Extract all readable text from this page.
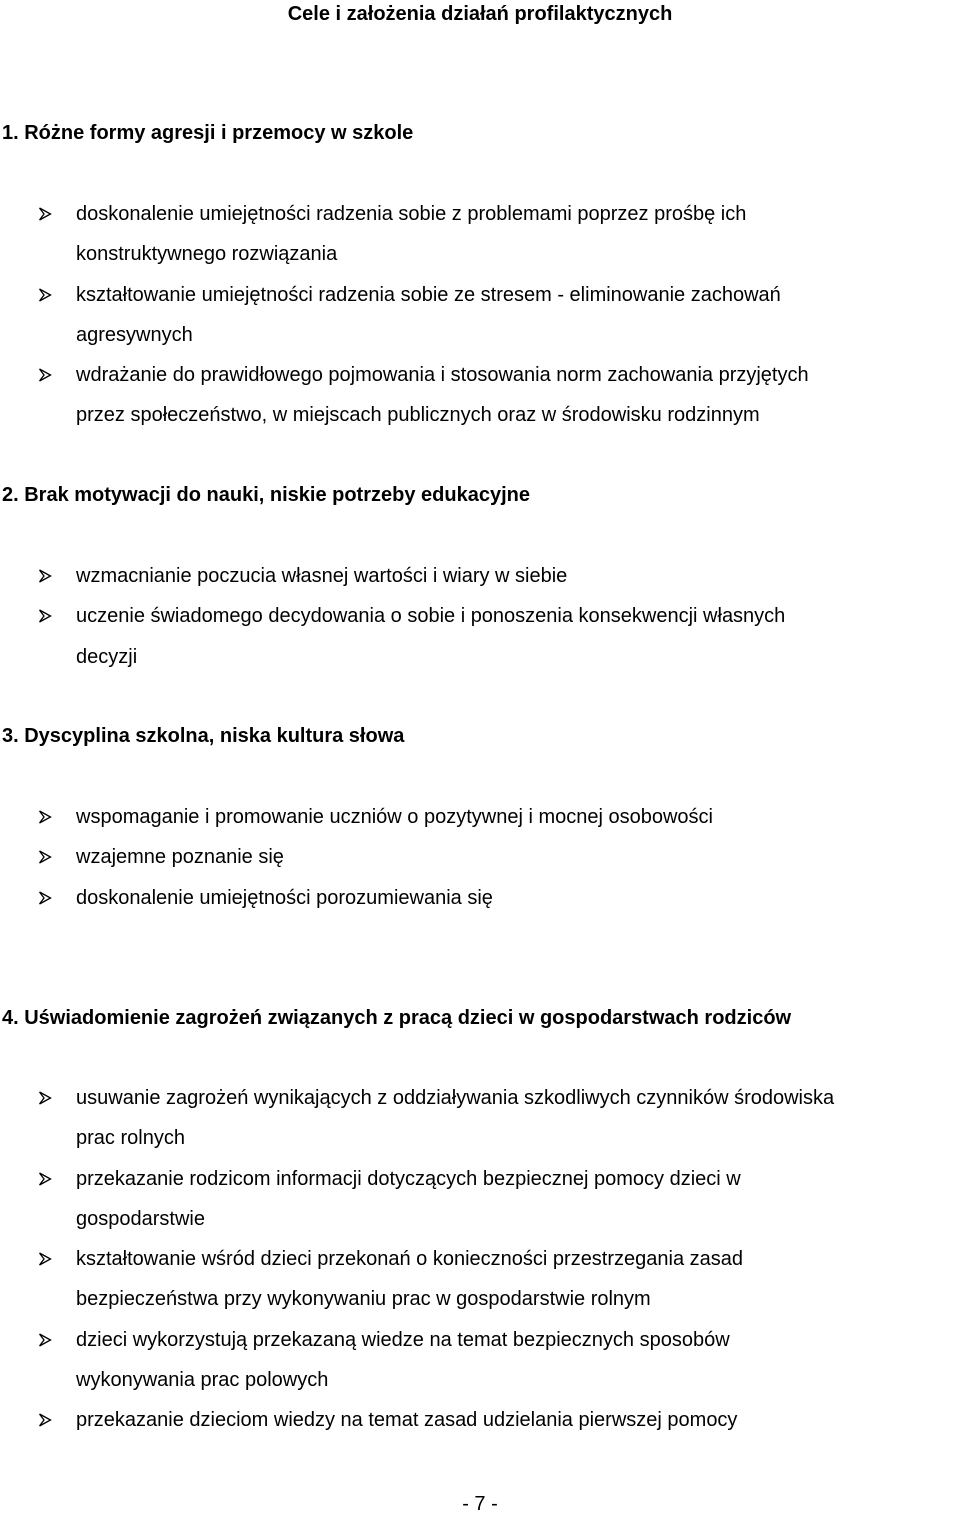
Cele i założenia działań profilaktycznych
1. Różne formy agresji i przemocy w szkole
doskonalenie umiejętności radzenia sobie z problemami poprzez prośbę ich
konstruktywnego rozwiązania
kształtowanie umiejętności radzenia sobie ze stresem - eliminowanie zachowań
agresywnych
wdrażanie do prawidłowego pojmowania i stosowania norm zachowania przyjętych
przez społeczeństwo, w miejscach publicznych oraz w środowisku rodzinnym
2. Brak motywacji do nauki, niskie potrzeby edukacyjne
wzmacnianie poczucia własnej wartości i wiary w siebie
uczenie świadomego decydowania o sobie i ponoszenia konsekwencji własnych
decyzji
3. Dyscyplina szkolna, niska kultura słowa
wspomaganie i promowanie uczniów o pozytywnej i mocnej osobowości
wzajemne poznanie się
doskonalenie umiejętności porozumiewania się
4. Uświadomienie zagrożeń związanych z pracą dzieci w gospodarstwach rodziców
usuwanie zagrożeń wynikających z oddziaływania szkodliwych czynników środowiska
prac rolnych
przekazanie rodzicom informacji dotyczących bezpiecznej pomocy dzieci w
gospodarstwie
kształtowanie wśród dzieci przekonań o konieczności przestrzegania zasad
bezpieczeństwa przy wykonywaniu prac w gospodarstwie rolnym
dzieci wykorzystują przekazaną wiedze na temat bezpiecznych sposobów
wykonywania prac polowych
przekazanie dzieciom wiedzy na temat zasad udzielania pierwszej pomocy
- 7 -
